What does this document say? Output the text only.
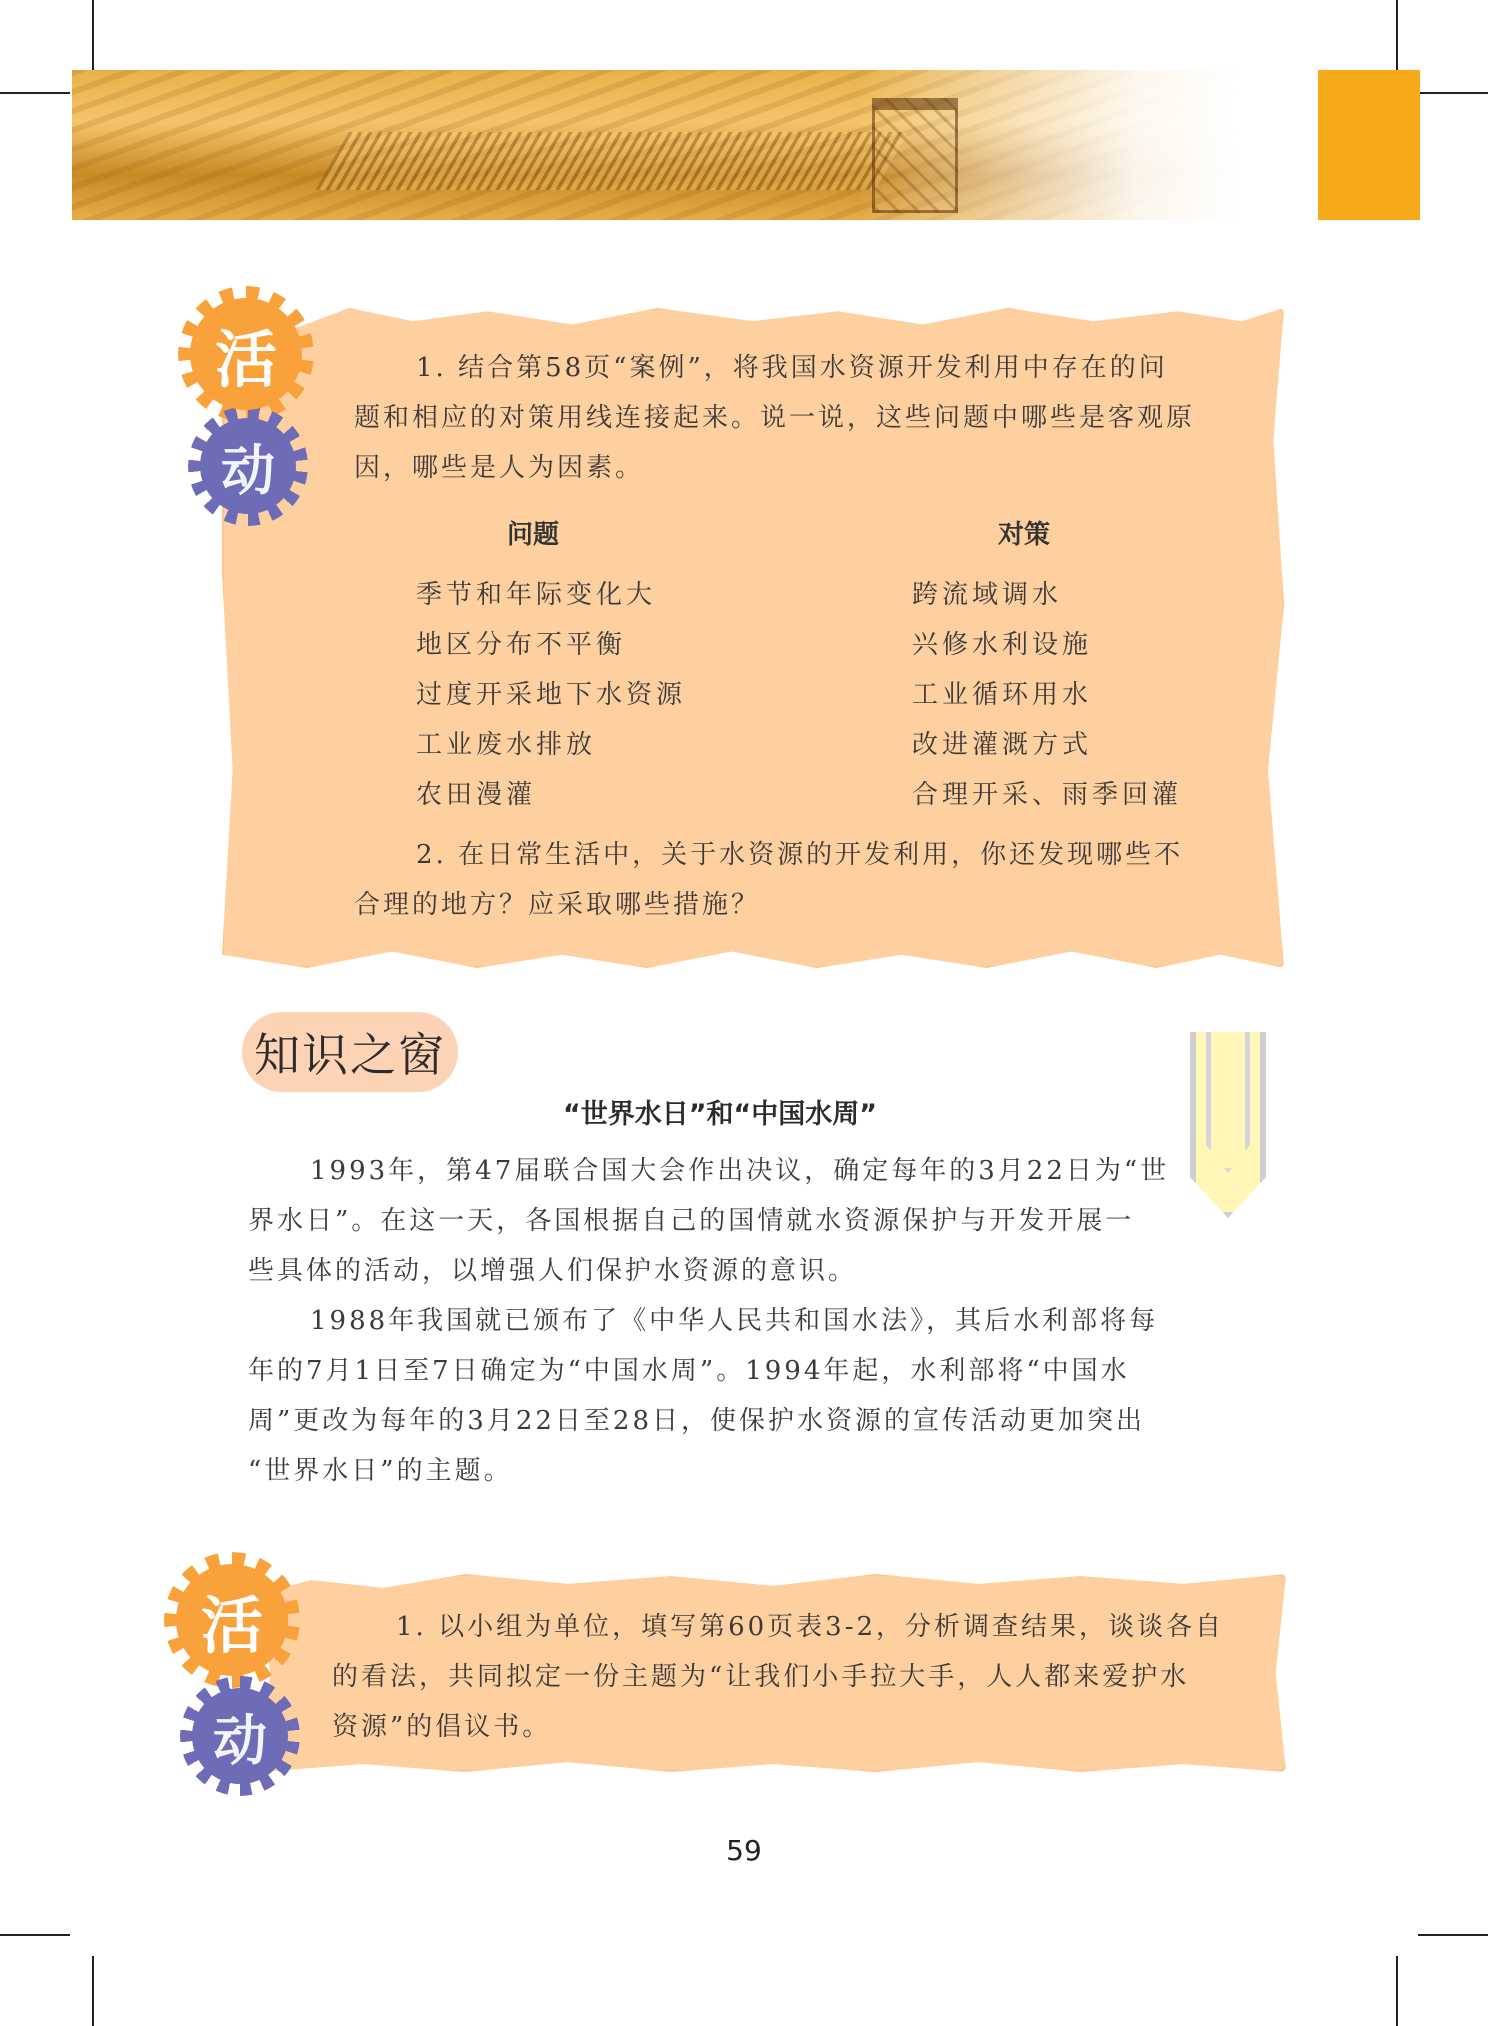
活
动
1. 结合第58页“案例”，将我国水资源开发利用中存在的问
题和相应的对策用线连接起来。说一说，这些问题中哪些是客观原
因，哪些是人为因素。
问题	对策
季节和年际变化大
地区分布不平衡
过度开采地下水资源
工业废水排放
农田漫灌
跨流域调水
兴修水利设施
工业循环用水
改进灌溉方式
合理开采、雨季回灌
2. 在日常生活中，关于水资源的开发利用，你还发现哪些不
合理的地方？应采取哪些措施？
知识之窗
“世界水日”和“中国水周”
1993年，第47届联合国大会作出决议，确定每年的3月22日为“世
界水日”。在这一天，各国根据自己的国情就水资源保护与开发开展一
些具体的活动，以增强人们保护水资源的意识。
1988年我国就已颁布了《中华人民共和国水法》，其后水利部将每
年的7月1日至7日确定为“中国水周”。1994年起，水利部将“中国水
周”更改为每年的3月22日至28日，使保护水资源的宣传活动更加突出
“世界水日”的主题。
活
动
1. 以小组为单位，填写第60页表3-2，分析调查结果，谈谈各自
的看法，共同拟定一份主题为“让我们小手拉大手，人人都来爱护水
资源”的倡议书。
59
